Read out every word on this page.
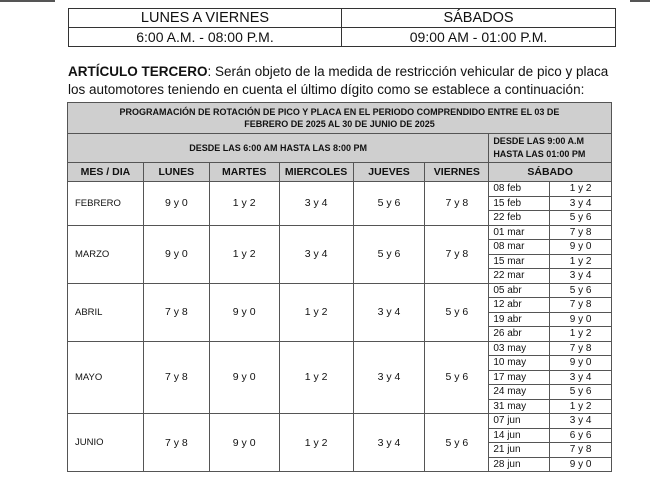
LUNES A VIERNES	SÁBADOS
6:00 A.M. - 08:00 P.M.	09:00 AM - 01:00 P.M.

ARTÍCULO TERCERO: Serán objeto de la medida de restricción vehicular de pico y placa
los automotores teniendo en cuenta el último dígito como se establece a continuación:

PROGRAMACIÓN DE ROTACIÓN DE PICO Y PLACA EN EL PERIODO COMPRENDIDO ENTRE EL 03 DE
FEBRERO DE 2025 AL 30 DE JUNIO DE 2025							
DESDE LAS 6:00 AM HASTA LAS 8:00 PM						DESDE LAS 9:00 A.M
HASTA LAS 01:00 PM	
MES / DIA	LUNES	MARTES	MIERCOLES	JUEVES	VIERNES	SÁBADO	
FEBRERO	9 y 0	1 y 2	3 y 4	5 y 6	7 y 8	08 feb	1 y 2
						15 feb	3 y 4
						22 feb	5 y 6
MARZO	9 y 0	1 y 2	3 y 4	5 y 6	7 y 8	01 mar	7 y 8
						08 mar	9 y 0
						15 mar	1 y 2
						22 mar	3 y 4
ABRIL	7 y 8	9 y 0	1 y 2	3 y 4	5 y 6	05 abr	5 y 6
						12 abr	7 y 8
						19 abr	9 y 0
						26 abr	1 y 2
MAYO	7 y 8	9 y 0	1 y 2	3 y 4	5 y 6	03 may	7 y 8
						10 may	9 y 0
						17 may	3 y 4
						24 may	5 y 6
						31 may	1 y 2
JUNIO	7 y 8	9 y 0	1 y 2	3 y 4	5 y 6	07 jun	3 y 4
						14 jun	6 y 6
						21 jun	7 y 8
						28 jun	9 y 0
